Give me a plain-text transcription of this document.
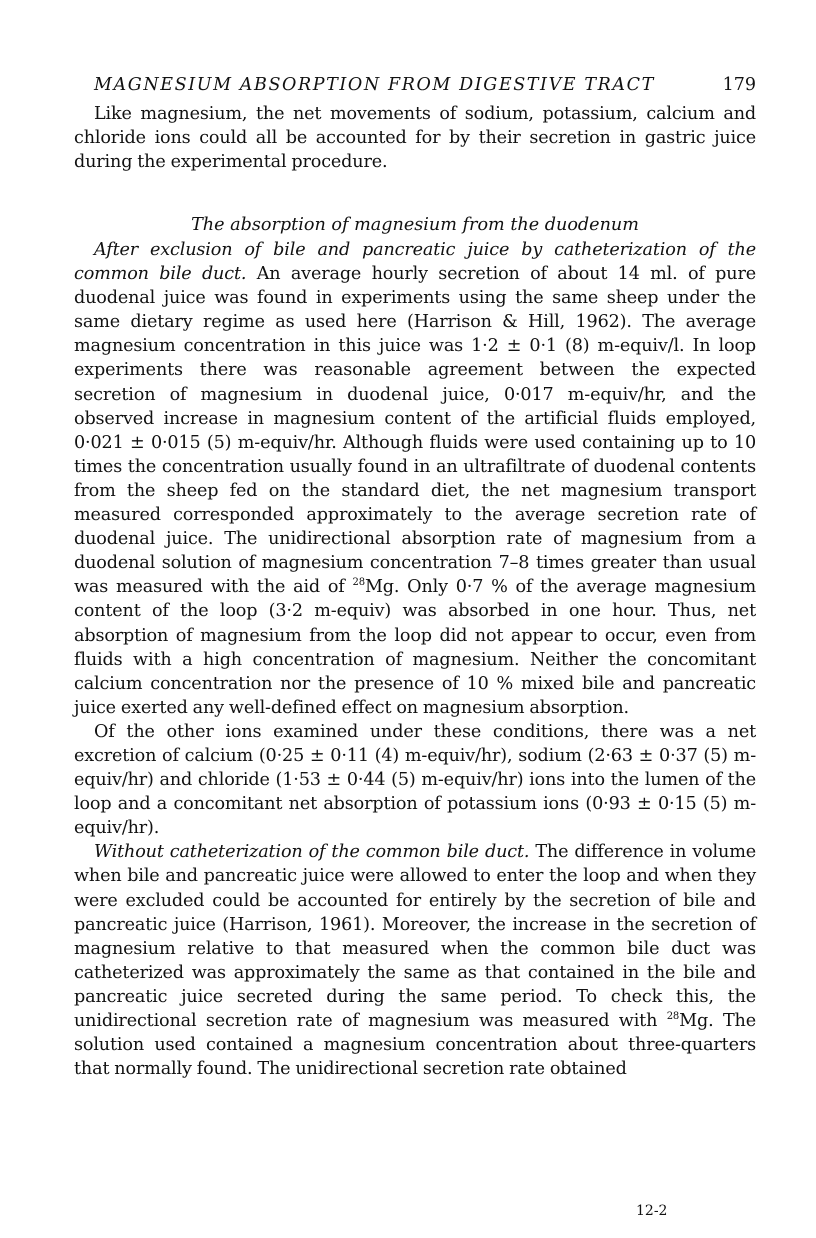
MAGNESIUM ABSORPTION FROM DIGESTIVE TRACT	179

Like magnesium, the net movements of sodium, potassium, calcium and chloride ions could all be accounted for by their secretion in gastric juice during the experimental procedure.

The absorption of magnesium from the duodenum

After exclusion of bile and pancreatic juice by catheterization of the common bile duct. An average hourly secretion of about 14 ml. of pure duodenal juice was found in experiments using the same sheep under the same dietary regime as used here (Harrison & Hill, 1962). The average magnesium concentration in this juice was 1·2 ± 0·1 (8) m-equiv/l. In loop experiments there was reasonable agreement between the expected secretion of magnesium in duodenal juice, 0·017 m-equiv/hr, and the observed increase in magnesium content of the artificial fluids employed, 0·021 ± 0·015 (5) m-equiv/hr. Although fluids were used containing up to 10 times the concentration usually found in an ultrafiltrate of duodenal contents from the sheep fed on the standard diet, the net magnesium transport measured corresponded approximately to the average secretion rate of duodenal juice. The unidirectional absorption rate of magnesium from a duodenal solution of magnesium concentration 7–8 times greater than usual was measured with the aid of $^{28}$Mg. Only 0·7 % of the average magnesium content of the loop (3·2 m-equiv) was absorbed in one hour. Thus, net absorption of magnesium from the loop did not appear to occur, even from fluids with a high concentration of magnesium. Neither the concomitant calcium concentration nor the presence of 10 % mixed bile and pancreatic juice exerted any well-defined effect on magnesium absorption.

Of the other ions examined under these conditions, there was a net excretion of calcium (0·25 ± 0·11 (4) m-equiv/hr), sodium (2·63 ± 0·37 (5) m-equiv/hr) and chloride (1·53 ± 0·44 (5) m-equiv/hr) ions into the lumen of the loop and a concomitant net absorption of potassium ions (0·93 ± 0·15 (5) m-equiv/hr).

Without catheterization of the common bile duct. The difference in volume when bile and pancreatic juice were allowed to enter the loop and when they were excluded could be accounted for entirely by the secretion of bile and pancreatic juice (Harrison, 1961). Moreover, the increase in the secretion of magnesium relative to that measured when the common bile duct was catheterized was approximately the same as that contained in the bile and pancreatic juice secreted during the same period. To check this, the unidirectional secretion rate of magnesium was measured with $^{28}$Mg. The solution used contained a magnesium concentration about three-quarters that normally found. The unidirectional secretion rate obtained

12-2
